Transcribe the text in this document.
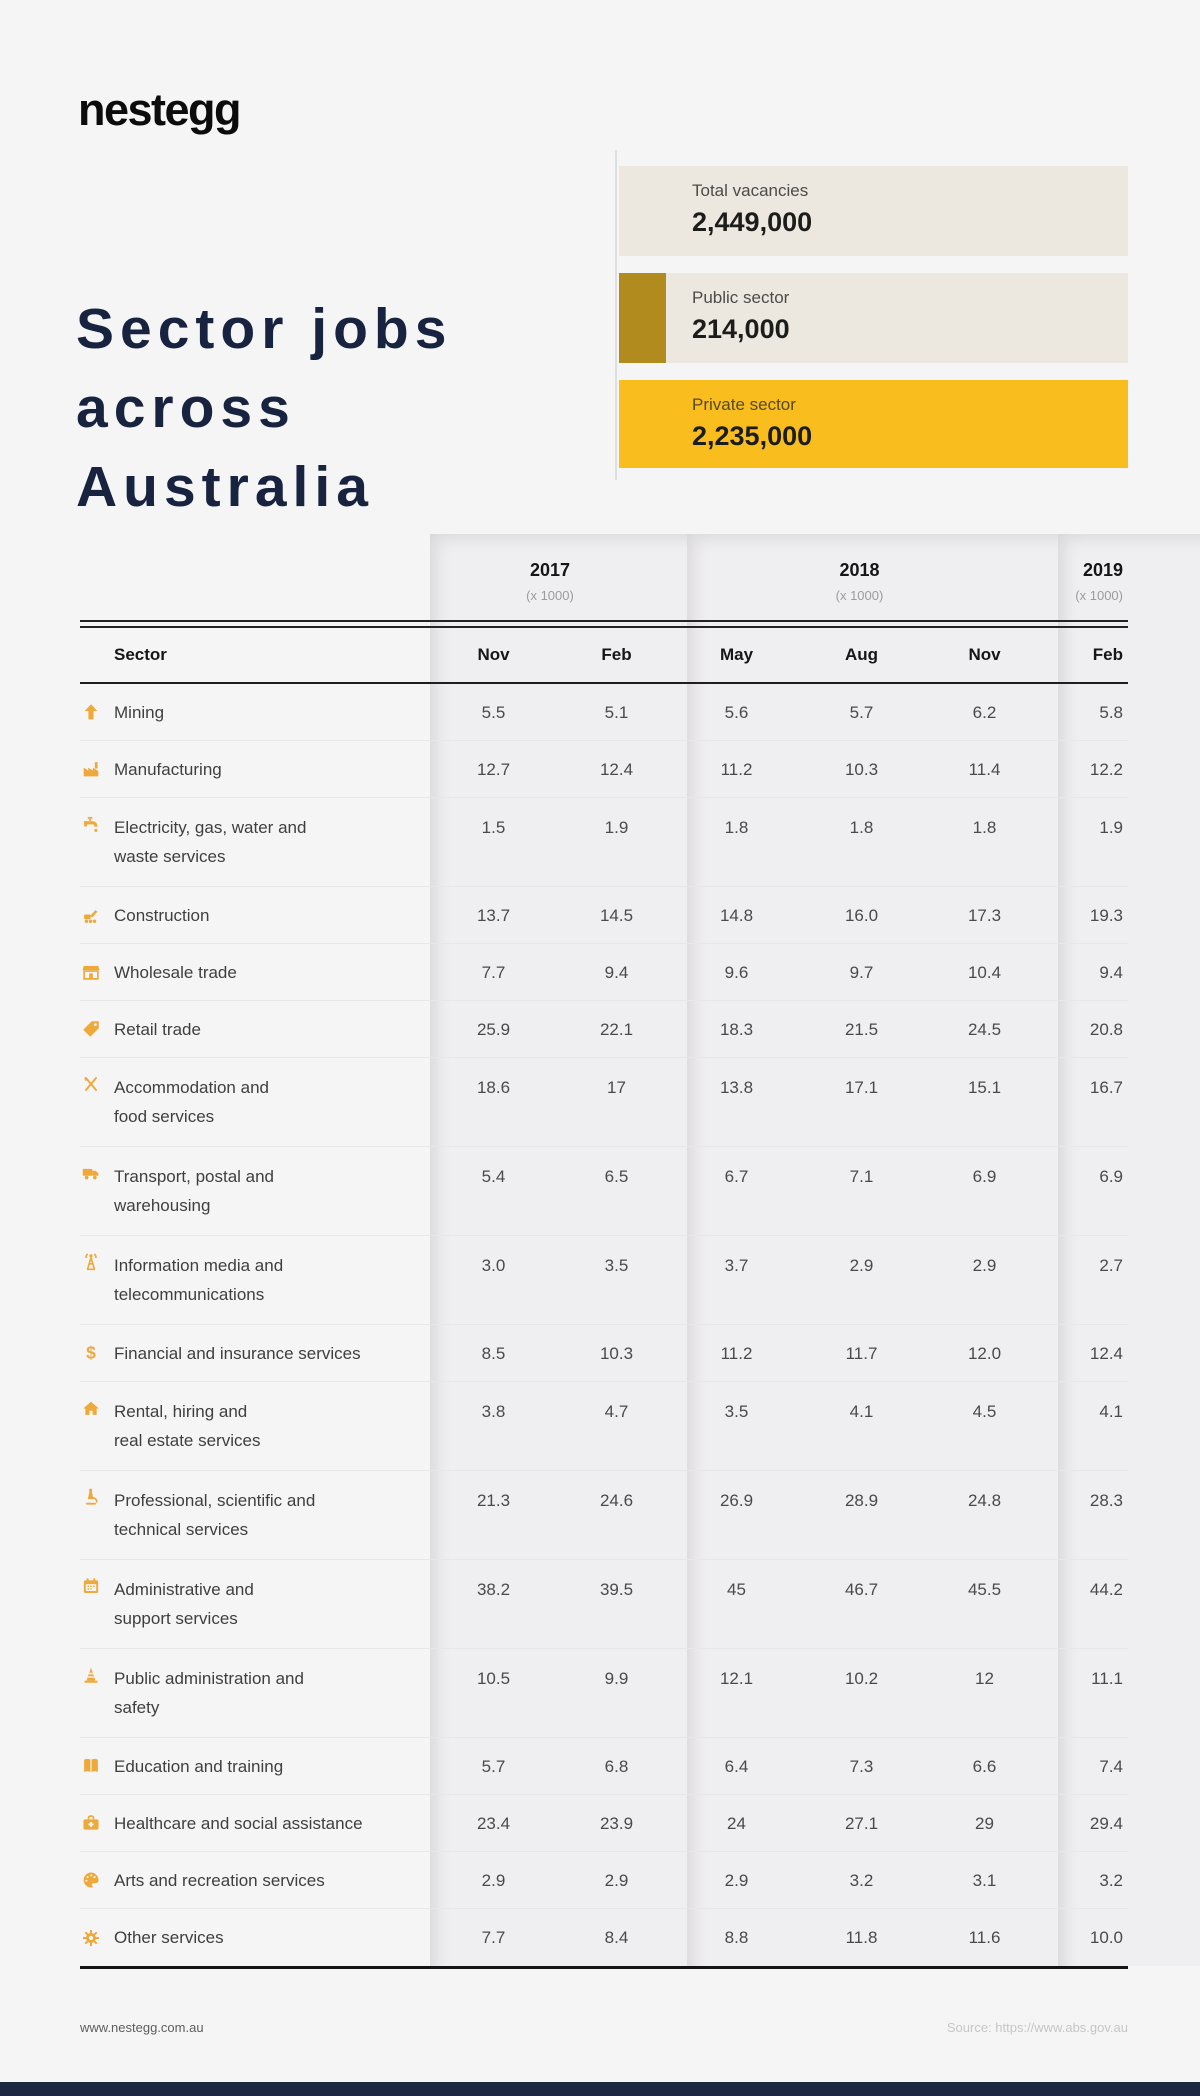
nestegg
Sector jobs
across
Australia
Total vacancies
2,449,000
Public sector
214,000
Private sector
2,235,000
2017
(x 1000)
2018
(x 1000)
2019
(x 1000)
Sector	Nov	Feb	May	Aug	Nov	Feb
Mining	5.5	5.1	5.6	5.7	6.2	5.8
Manufacturing	12.7	12.4	11.2	10.3	11.4	12.2
Electricity, gas, water and
waste services
1.5	1.9	1.8	1.8	1.8	1.9
Construction	13.7	14.5	14.8	16.0	17.3	19.3
Wholesale trade	7.7	9.4	9.6	9.7	10.4	9.4
Retail trade	25.9	22.1	18.3	21.5	24.5	20.8
Accommodation and
food services
18.6	17	13.8	17.1	15.1	16.7
Transport, postal and
warehousing
5.4	6.5	6.7	7.1	6.9	6.9
Information media and
telecommunications
3.0	3.5	3.7	2.9	2.9	2.7
$ Financial and insurance services	8.5	10.3	11.2	11.7	12.0	12.4
Rental, hiring and
real estate services
3.8	4.7	3.5	4.1	4.5	4.1
Professional, scientific and
technical services
21.3	24.6	26.9	28.9	24.8	28.3
Administrative and
support services
38.2	39.5	45	46.7	45.5	44.2
Public administration and
safety
10.5	9.9	12.1	10.2	12	11.1
Education and training	5.7	6.8	6.4	7.3	6.6	7.4
Healthcare and social assistance	23.4	23.9	24	27.1	29	29.4
Arts and recreation services	2.9	2.9	2.9	3.2	3.1	3.2
Other services	7.7	8.4	8.8	11.8	11.6	10.0
www.nestegg.com.au	Source: https://www.abs.gov.au
